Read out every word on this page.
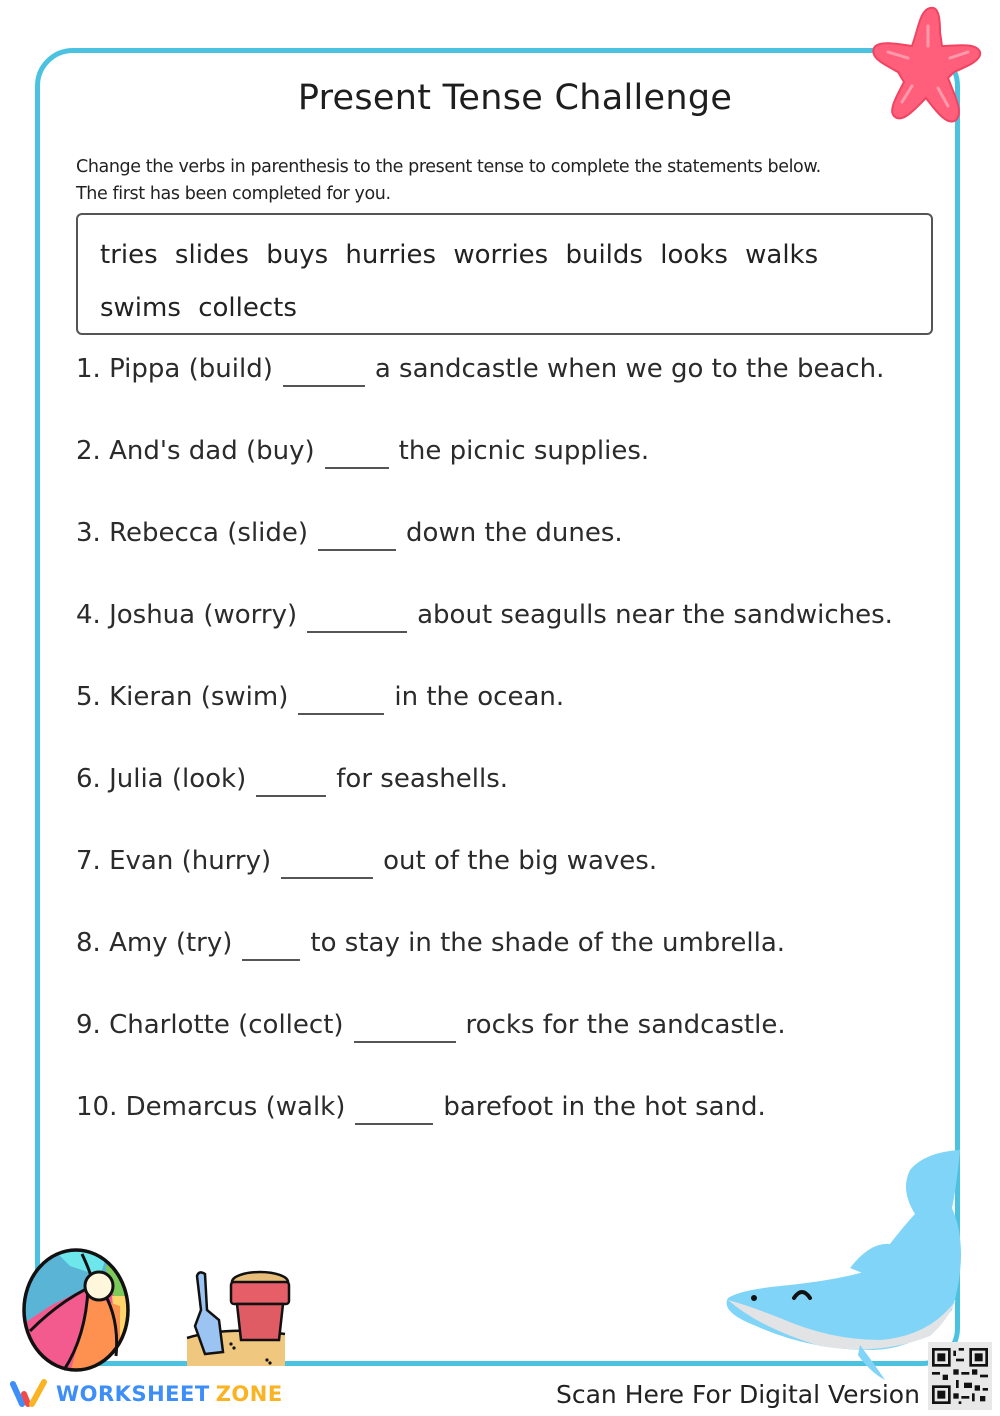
Present Tense Challenge
Change the verbs in parenthesis to the present tense to complete the statements below.
The first has been completed for you.
tries slides buys hurries worries builds looks walks
swims collects
1.
Pippa (build)	a sandcastle when we go to the beach.
2.
And's dad (buy)	the picnic supplies.
3.
Rebecca (slide)	down the dunes.
4.
Joshua (worry)	about seagulls near the sandwiches.
5.
Kieran (swim)	in the ocean.
6.
Julia (look)	for seashells.
7.
Evan (hurry)	out of the big waves.
8.
Amy (try)	to stay in the shade of the umbrella.
9.
Charlotte (collect)	rocks for the sandcastle.
10.
Demarcus (walk)	barefoot in the hot sand.
WORKSHEET ZONE	Scan Here For Digital Version
